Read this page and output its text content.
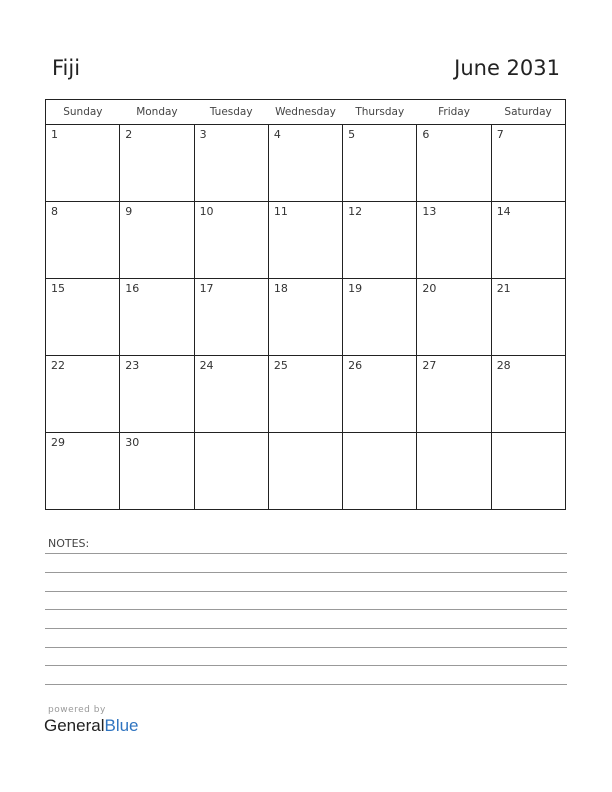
Fiji	June 2031
Sunday	Monday	Tuesday	Wednesday	Thursday	Friday	Saturday

1	2	3	4	5	6	7

8	9	10	11	12	13	14

15	16	17	18	19	20	21

22	23	24	25	26	27	28

29	30					

NOTES:
powered by
GeneralBlue
